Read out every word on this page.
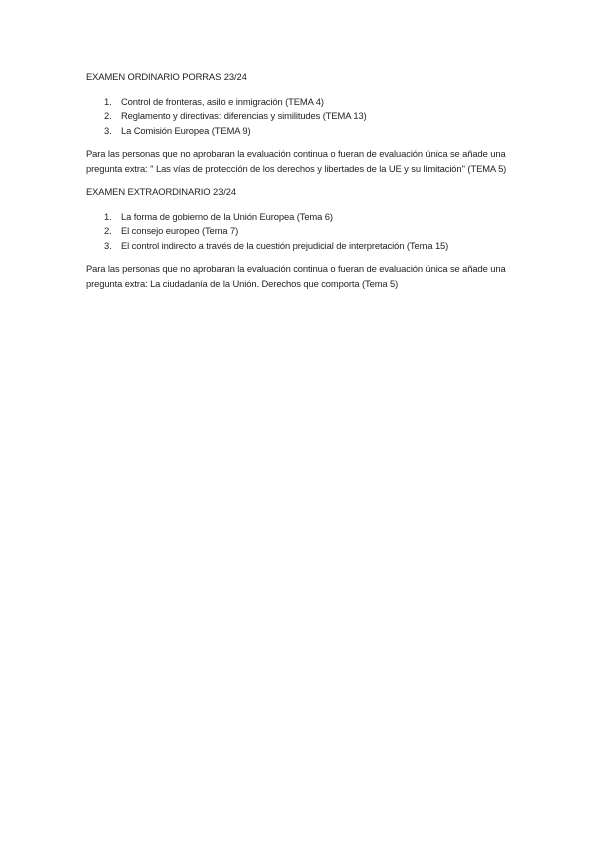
EXAMEN ORDINARIO PORRAS 23/24
1. Control de fronteras, asilo e inmigración (TEMA 4)
2. Reglamento y directivas: diferencias y similitudes (TEMA 13)
3. La Comisión Europea (TEMA 9)
Para las personas que no aprobaran la evaluación continua o fueran de evaluación única se añade una pregunta extra: '' Las vías de protección de los derechos y libertades de la UE y su limitación'' (TEMA 5)
EXAMEN EXTRAORDINARIO 23/24
1. La forma de gobierno de la Unión Europea (Tema 6)
2. El consejo europeo (Tema 7)
3. El control indirecto a través de la cuestión prejudicial de interpretación (Tema 15)
Para las personas que no aprobaran la evaluación continua o fueran de evaluación única se añade una pregunta extra: La ciudadanía de la Unión. Derechos que comporta (Tema 5)
